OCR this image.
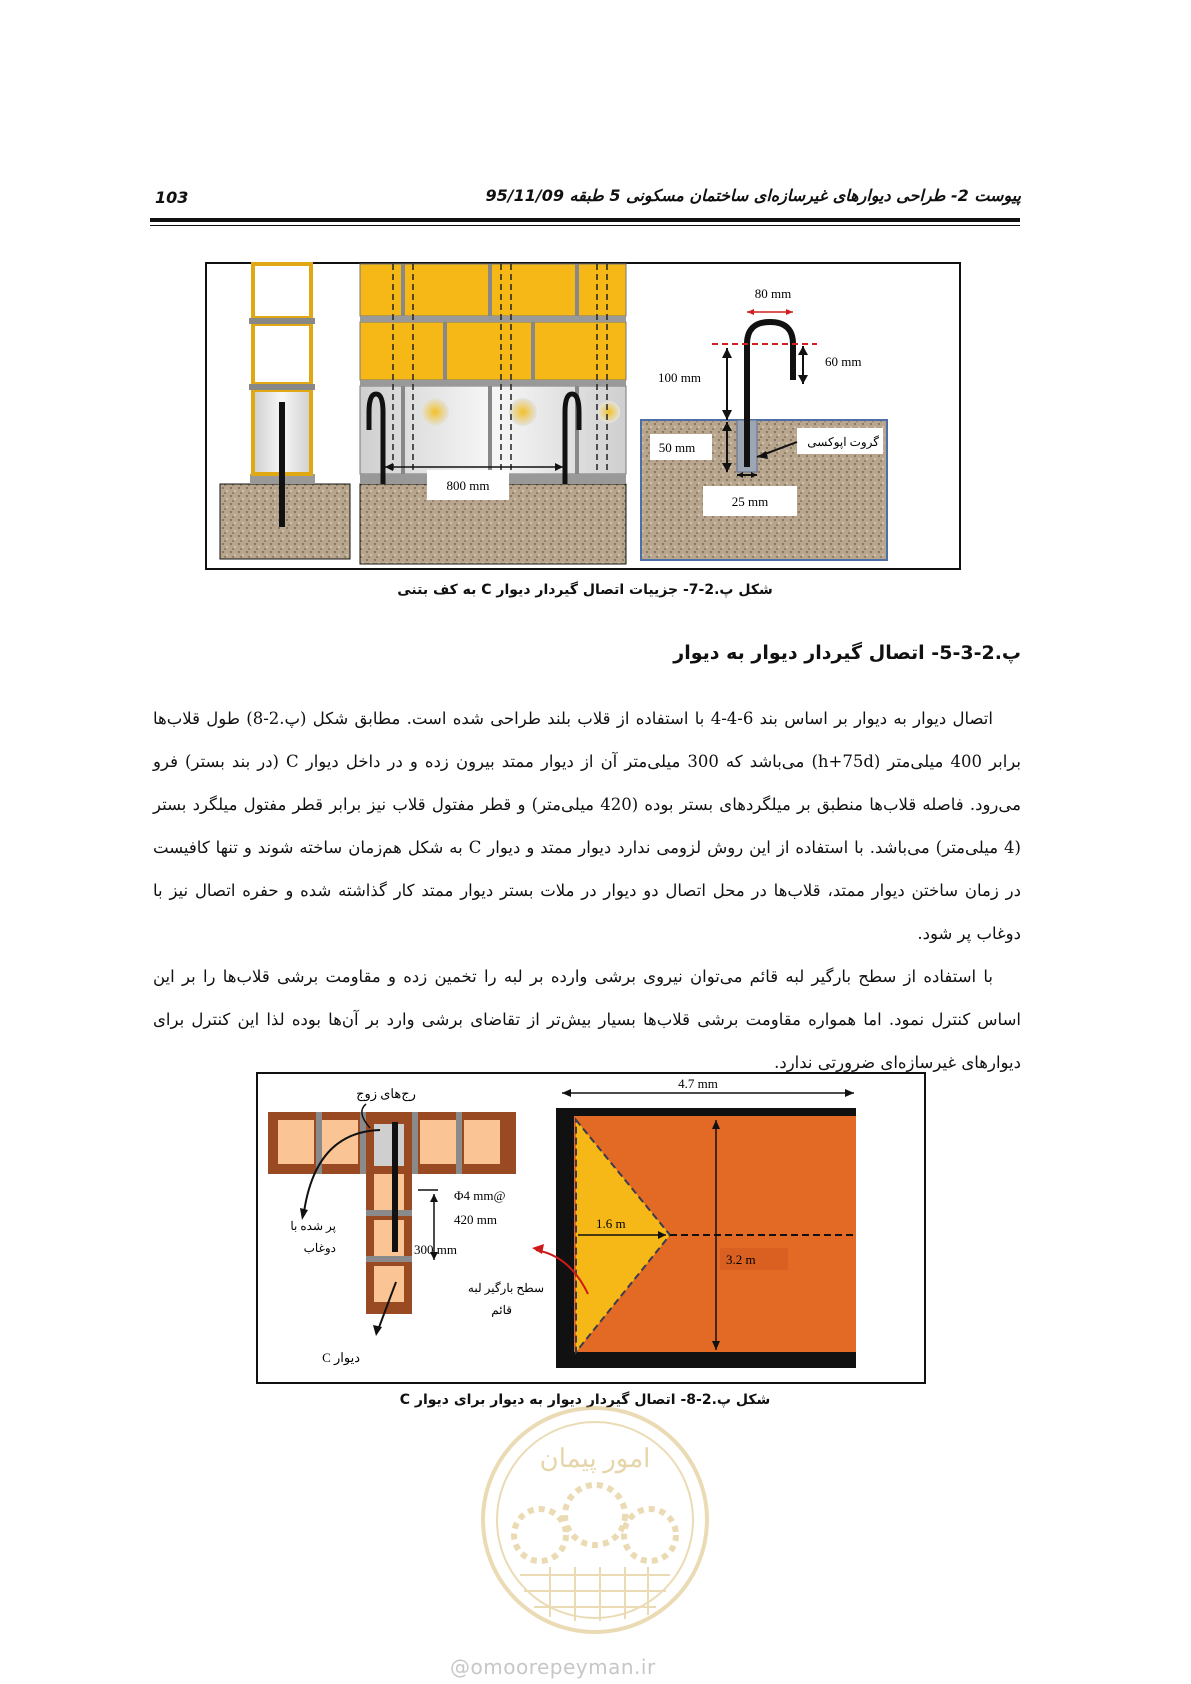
103	پیوست 2- طراحی دیوارهای غیرسازه‌ای ساختمان مسکونی 5 طبقه 95/11/09
800 mm
80 mm
60 mm
100 mm
50 mm
25 mm
گروت اپوکسی
شکل پ.2-7- جزییات اتصال گیردار دیوار C به کف بتنی
پ.2-3-5- اتصال گیردار دیوار به دیوار
اتصال دیوار به دیوار بر اساس بند 6-4-4 با استفاده از قلاب بلند طراحی شده است. مطابق شکل (پ.2-8) طول قلاب‌ها برابر 400 میلی‌متر (h+75d) می‌باشد که 300 میلی‌متر آن از دیوار ممتد بیرون زده و در داخل دیوار C (در بند بستر) فرو می‌رود. فاصله قلاب‌ها منطبق بر میلگردهای بستر بوده (420 میلی‌متر) و قطر مفتول قلاب نیز برابر قطر مفتول میلگرد بستر (4 میلی‌متر) می‌باشد. با استفاده از این روش لزومی ندارد دیوار ممتد و دیوار C به شکل هم‌زمان ساخته شوند و تنها کافیست در زمان ساختن دیوار ممتد، قلاب‌ها در محل اتصال دو دیوار در ملات بستر دیوار ممتد کار گذاشته شده و حفره اتصال نیز با دوغاب پر شود.
با استفاده از سطح بارگیر لبه قائم می‌توان نیروی برشی وارده بر لبه را تخمین زده و مقاومت برشی قلاب‌ها را بر این اساس کنترل نمود. اما همواره مقاومت برشی قلاب‌ها بسیار بیش‌تر از تقاضای برشی وارد بر آن‌ها بوده لذا این کنترل برای دیوارهای غیرسازه‌ای ضرورتی ندارد.
رج‌های زوج
Φ4 mm@
420 mm
300 mm
پر شده با
دوغاب
دیوار C
1.6 m
3.2 m
4.7 mm
سطح بارگیر لبه
قائم
شکل پ.2-8- اتصال گیردار دیوار به دیوار برای دیوار C
امور پیمان
@omoorepeyman.ir
